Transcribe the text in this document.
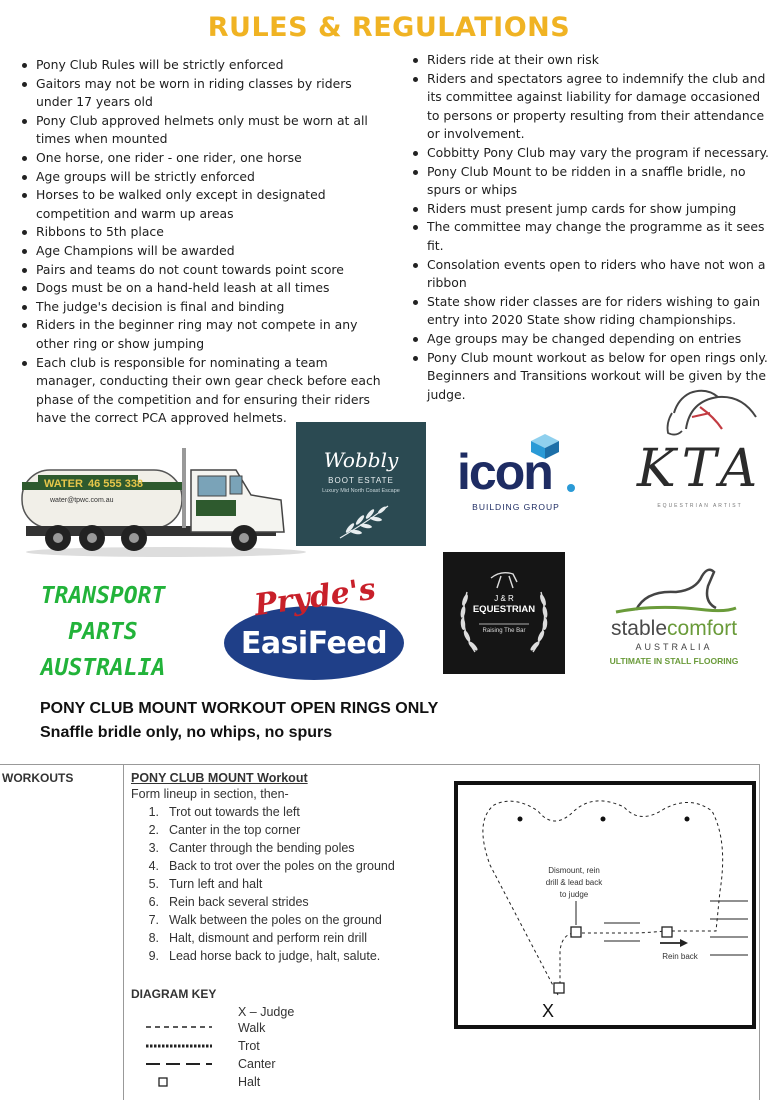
RULES & REGULATIONS
Pony Club Rules will be strictly enforced
Gaitors may not be worn in riding classes by riders under 17 years old
Pony Club approved helmets only must be worn at all times when mounted
One horse, one rider - one rider, one horse
Age groups will be strictly enforced
Horses to be walked only except in designated competition and warm up areas
Ribbons to 5th place
Age Champions will be awarded
Pairs and teams do not count towards point score
Dogs must be on a hand-held leash at all times
The judge's decision is final and binding
Riders in the beginner ring may not compete in any other ring or show jumping
Each club is responsible for nominating a team manager, conducting their own gear check before each phase of the competition and for ensuring their riders have the correct PCA approved helmets.
Riders ride at their own risk
Riders and spectators agree to indemnify the club and its committee against liability for damage occasioned to persons or property resulting from their attendance or involvement.
Cobbitty Pony Club may vary the program if necessary.
Pony Club Mount to be ridden in a snaffle bridle, no spurs or whips
Riders must present jump cards for show jumping
The committee may change the programme as it sees fit.
Consolation events open to riders who have not won a ribbon
State show rider classes are for riders wishing to gain entry into 2020 State show riding championships.
Age groups may be changed depending on entries
Pony Club mount workout as below for open rings only. Beginners and Transitions workout will be given by the judge.
WATER 46 555 338
water@tpwc.com.au
Wobbly
BOOT ESTATE
Luxury Mid North Coast Escape	icon
BUILDING GROUP
KTA
EQUESTRIAN ARTIST
TRANSPORT
PARTS
AUSTRALIA
Pryde's
EasiFeed
J & R
EQUESTRIAN
Raising The Bar	stablecomfort
AUSTRALIA
ULTIMATE IN STALL FLOORING
PONY CLUB MOUNT WORKOUT OPEN RINGS ONLY
Snaffle bridle only, no whips, no spurs
WORKOUTS	PONY CLUB MOUNT Workout
Form lineup in section, then-
1. Trot out towards the left
2. Canter in the top corner
3. Canter through the bending poles
4. Back to trot over the poles on the ground
5. Turn left and halt
6. Rein back several strides
7. Walk between the poles on the ground
8. Halt, dismount and perform rein drill
9. Lead horse back to judge, halt, salute.
DIAGRAM KEY
X – Judge
Walk
Trot
Canter
Halt
Dismount, rein
drill & lead back
to judge
Rein back
X
